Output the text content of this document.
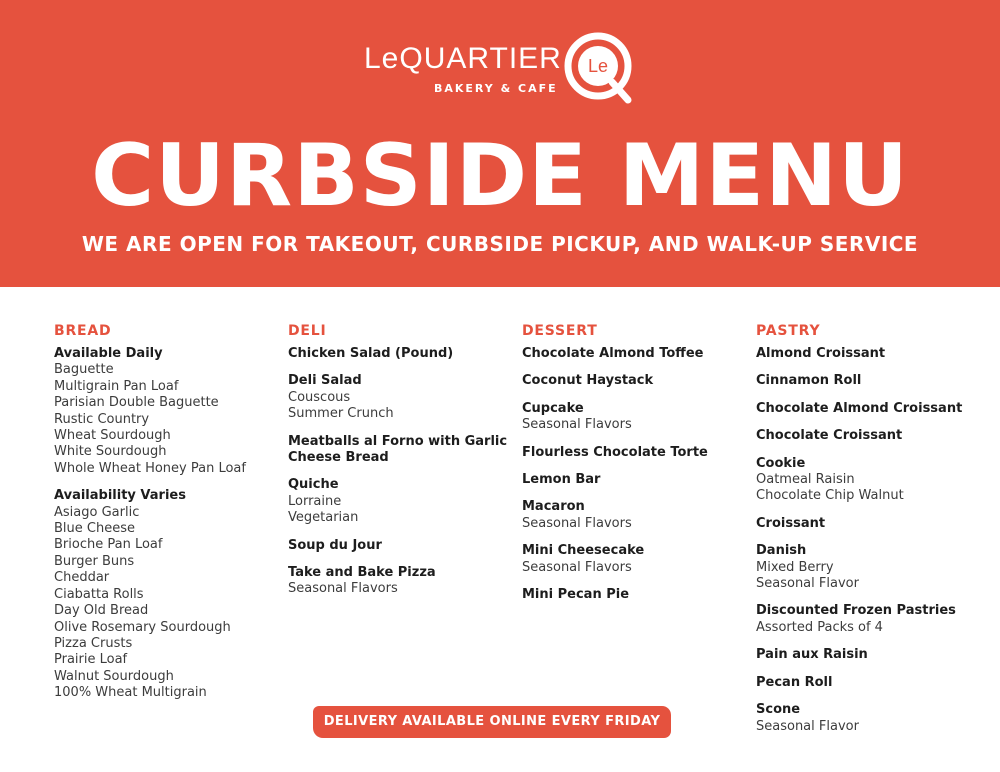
LeQUARTIER
BAKERY & CAFE
Le
CURBSIDE MENU
WE ARE OPEN FOR TAKEOUT, CURBSIDE PICKUP, AND WALK-UP SERVICE
BREAD
Available Daily
Baguette
Multigrain Pan Loaf
Parisian Double Baguette
Rustic Country
Wheat Sourdough
White Sourdough
Whole Wheat Honey Pan Loaf
Availability Varies
Asiago Garlic
Blue Cheese
Brioche Pan Loaf
Burger Buns
Cheddar
Ciabatta Rolls
Day Old Bread
Olive Rosemary Sourdough
Pizza Crusts
Prairie Loaf
Walnut Sourdough
100% Wheat Multigrain
DELI
Chicken Salad (Pound)
Deli Salad
Couscous
Summer Crunch
Meatballs al Forno with Garlic Cheese Bread
Quiche
Lorraine
Vegetarian
Soup du Jour
Take and Bake Pizza
Seasonal Flavors
DESSERT
Chocolate Almond Toffee
Coconut Haystack
Cupcake
Seasonal Flavors
Flourless Chocolate Torte
Lemon Bar
Macaron
Seasonal Flavors
Mini Cheesecake
Seasonal Flavors
Mini Pecan Pie
PASTRY
Almond Croissant
Cinnamon Roll
Chocolate Almond Croissant
Chocolate Croissant
Cookie
Oatmeal Raisin
Chocolate Chip Walnut
Croissant
Danish
Mixed Berry
Seasonal Flavor
Discounted Frozen Pastries
Assorted Packs of 4
Pain aux Raisin
Pecan Roll
Scone
Seasonal Flavor
DELIVERY AVAILABLE ONLINE EVERY FRIDAY
